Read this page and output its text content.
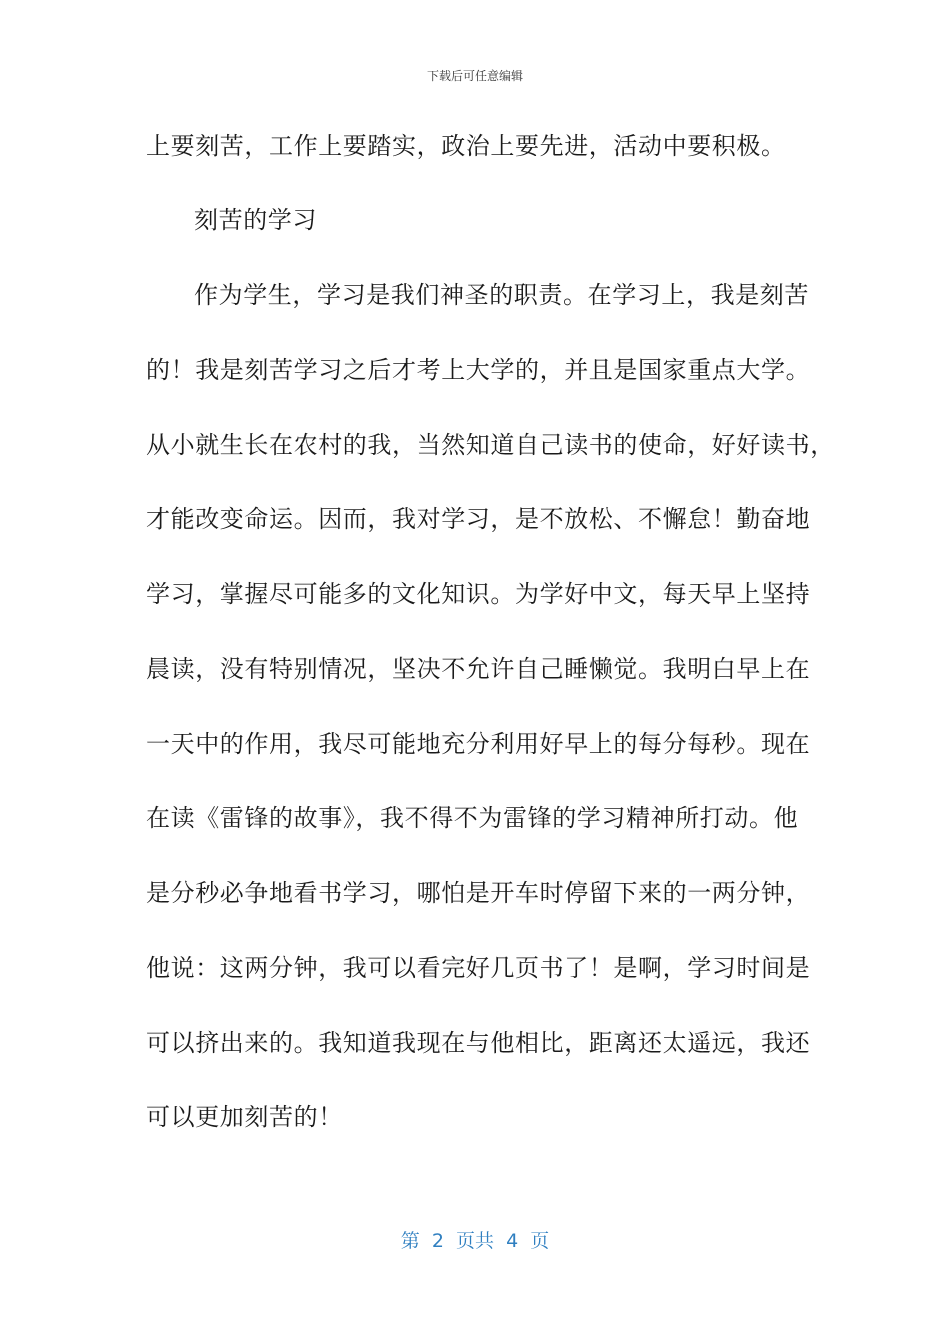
下载后可任意编辑
上要刻苦，工作上要踏实，政治上要先进，活动中要积极。
刻苦的学习
作为学生，学习是我们神圣的职责。在学习上，我是刻苦
的！我是刻苦学习之后才考上大学的，并且是国家重点大学。
从小就生长在农村的我，当然知道自己读书的使命，好好读书，
才能改变命运。因而，我对学习，是不放松、不懈怠！勤奋地
学习，掌握尽可能多的文化知识。为学好中文，每天早上坚持
晨读，没有特别情况，坚决不允许自己睡懒觉。我明白早上在
一天中的作用，我尽可能地充分利用好早上的每分每秒。现在
在读《雷锋的故事》，我不得不为雷锋的学习精神所打动。他
是分秒必争地看书学习，哪怕是开车时停留下来的一两分钟，
他说：这两分钟，我可以看完好几页书了！是啊，学习时间是
可以挤出来的。我知道我现在与他相比，距离还太遥远，我还
可以更加刻苦的！
第  2  页共  4  页
